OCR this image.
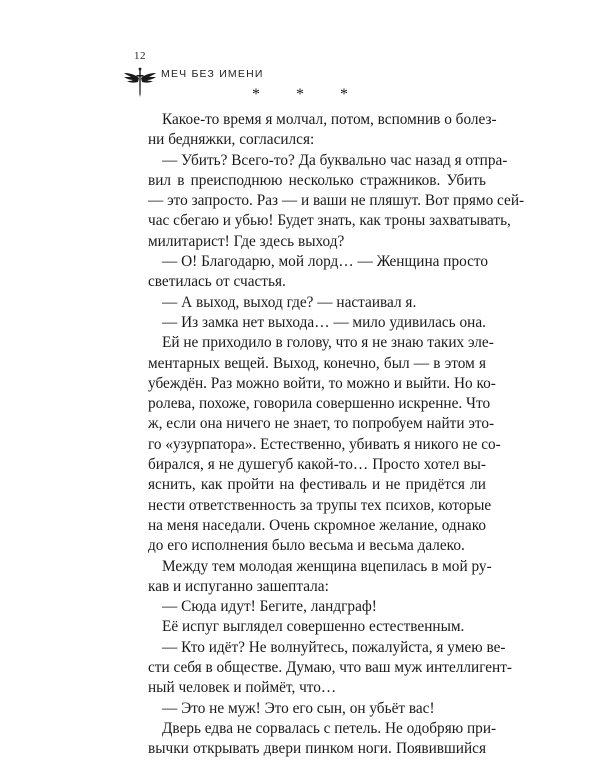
12
МЕЧ БЕЗ ИМЕНИ
* * *
Какое-то время я молчал, потом, вспомнив о болез-
ни бедняжки, согласился:
— Убить? Всего-то? Да буквально час назад я отпра-
вил в преисподнюю несколько стражников. Убить
— это запросто. Раз — и ваши не пляшут. Вот прямо сей-
час сбегаю и убью! Будет знать, как троны захватывать,
милитарист! Где здесь выход?
— О! Благодарю, мой лорд… — Женщина просто
светилась от счастья.
— А выход, выход где? — настаивал я.
— Из замка нет выхода… — мило удивилась она.
Ей не приходило в голову, что я не знаю таких эле-
ментарных вещей. Выход, конечно, был — в этом я
убеждён. Раз можно войти, то можно и выйти. Но ко-
ролева, похоже, говорила совершенно искренне. Что
ж, если она ничего не знает, то попробуем найти это-
го «узурпатора». Естественно, убивать я никого не со-
бирался, я не душегуб какой-то… Просто хотел вы-
яснить, как пройти на фестиваль и не придётся ли
нести ответственность за трупы тех психов, которые
на меня наседали. Очень скромное желание, однако
до его исполнения было весьма и весьма далеко.
Между тем молодая женщина вцепилась в мой ру-
кав и испуганно зашептала:
— Сюда идут! Бегите, ландграф!
Её испуг выглядел совершенно естественным.
— Кто идёт? Не волнуйтесь, пожалуйста, я умею ве-
сти себя в обществе. Думаю, что ваш муж интеллигент-
ный человек и поймёт, что…
— Это не муж! Это его сын, он убьёт вас!
Дверь едва не сорвалась с петель. Не одобряю при-
вычки открывать двери пинком ноги. Появившийся
